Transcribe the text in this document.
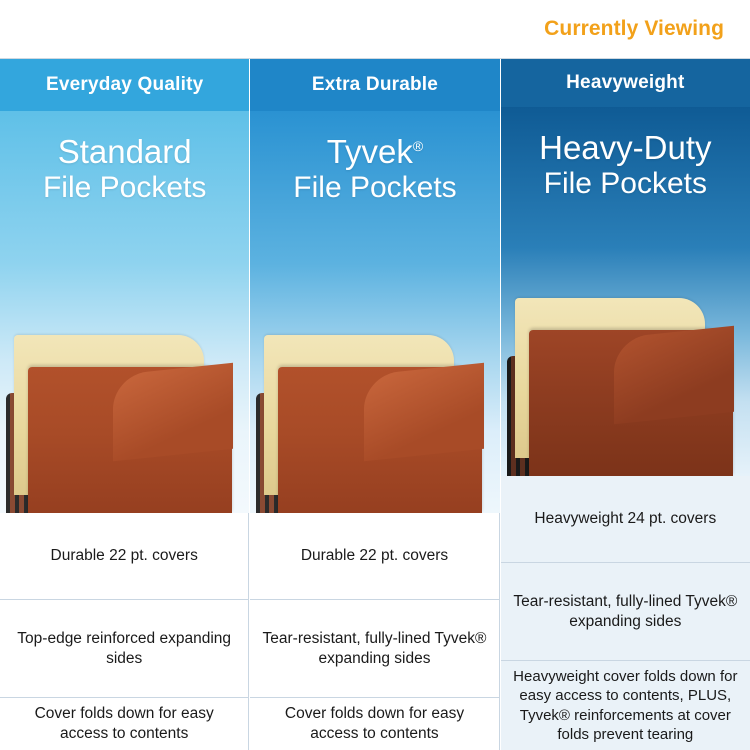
Currently Viewing
Everyday Quality
Standard
File Pockets
Durable 22 pt. covers
Top-edge reinforced expanding sides
Cover folds down for easy access to contents
Extra Durable
Tyvek®
File Pockets
Durable 22 pt. covers
Tear-resistant, fully-lined Tyvek® expanding sides
Cover folds down for easy access to contents
Heavyweight
Heavy-Duty
File Pockets
Heavyweight 24 pt. covers
Tear-resistant, fully-lined Tyvek® expanding sides
Heavyweight cover folds down for easy access to contents, PLUS, Tyvek® reinforcements at cover folds prevent tearing
